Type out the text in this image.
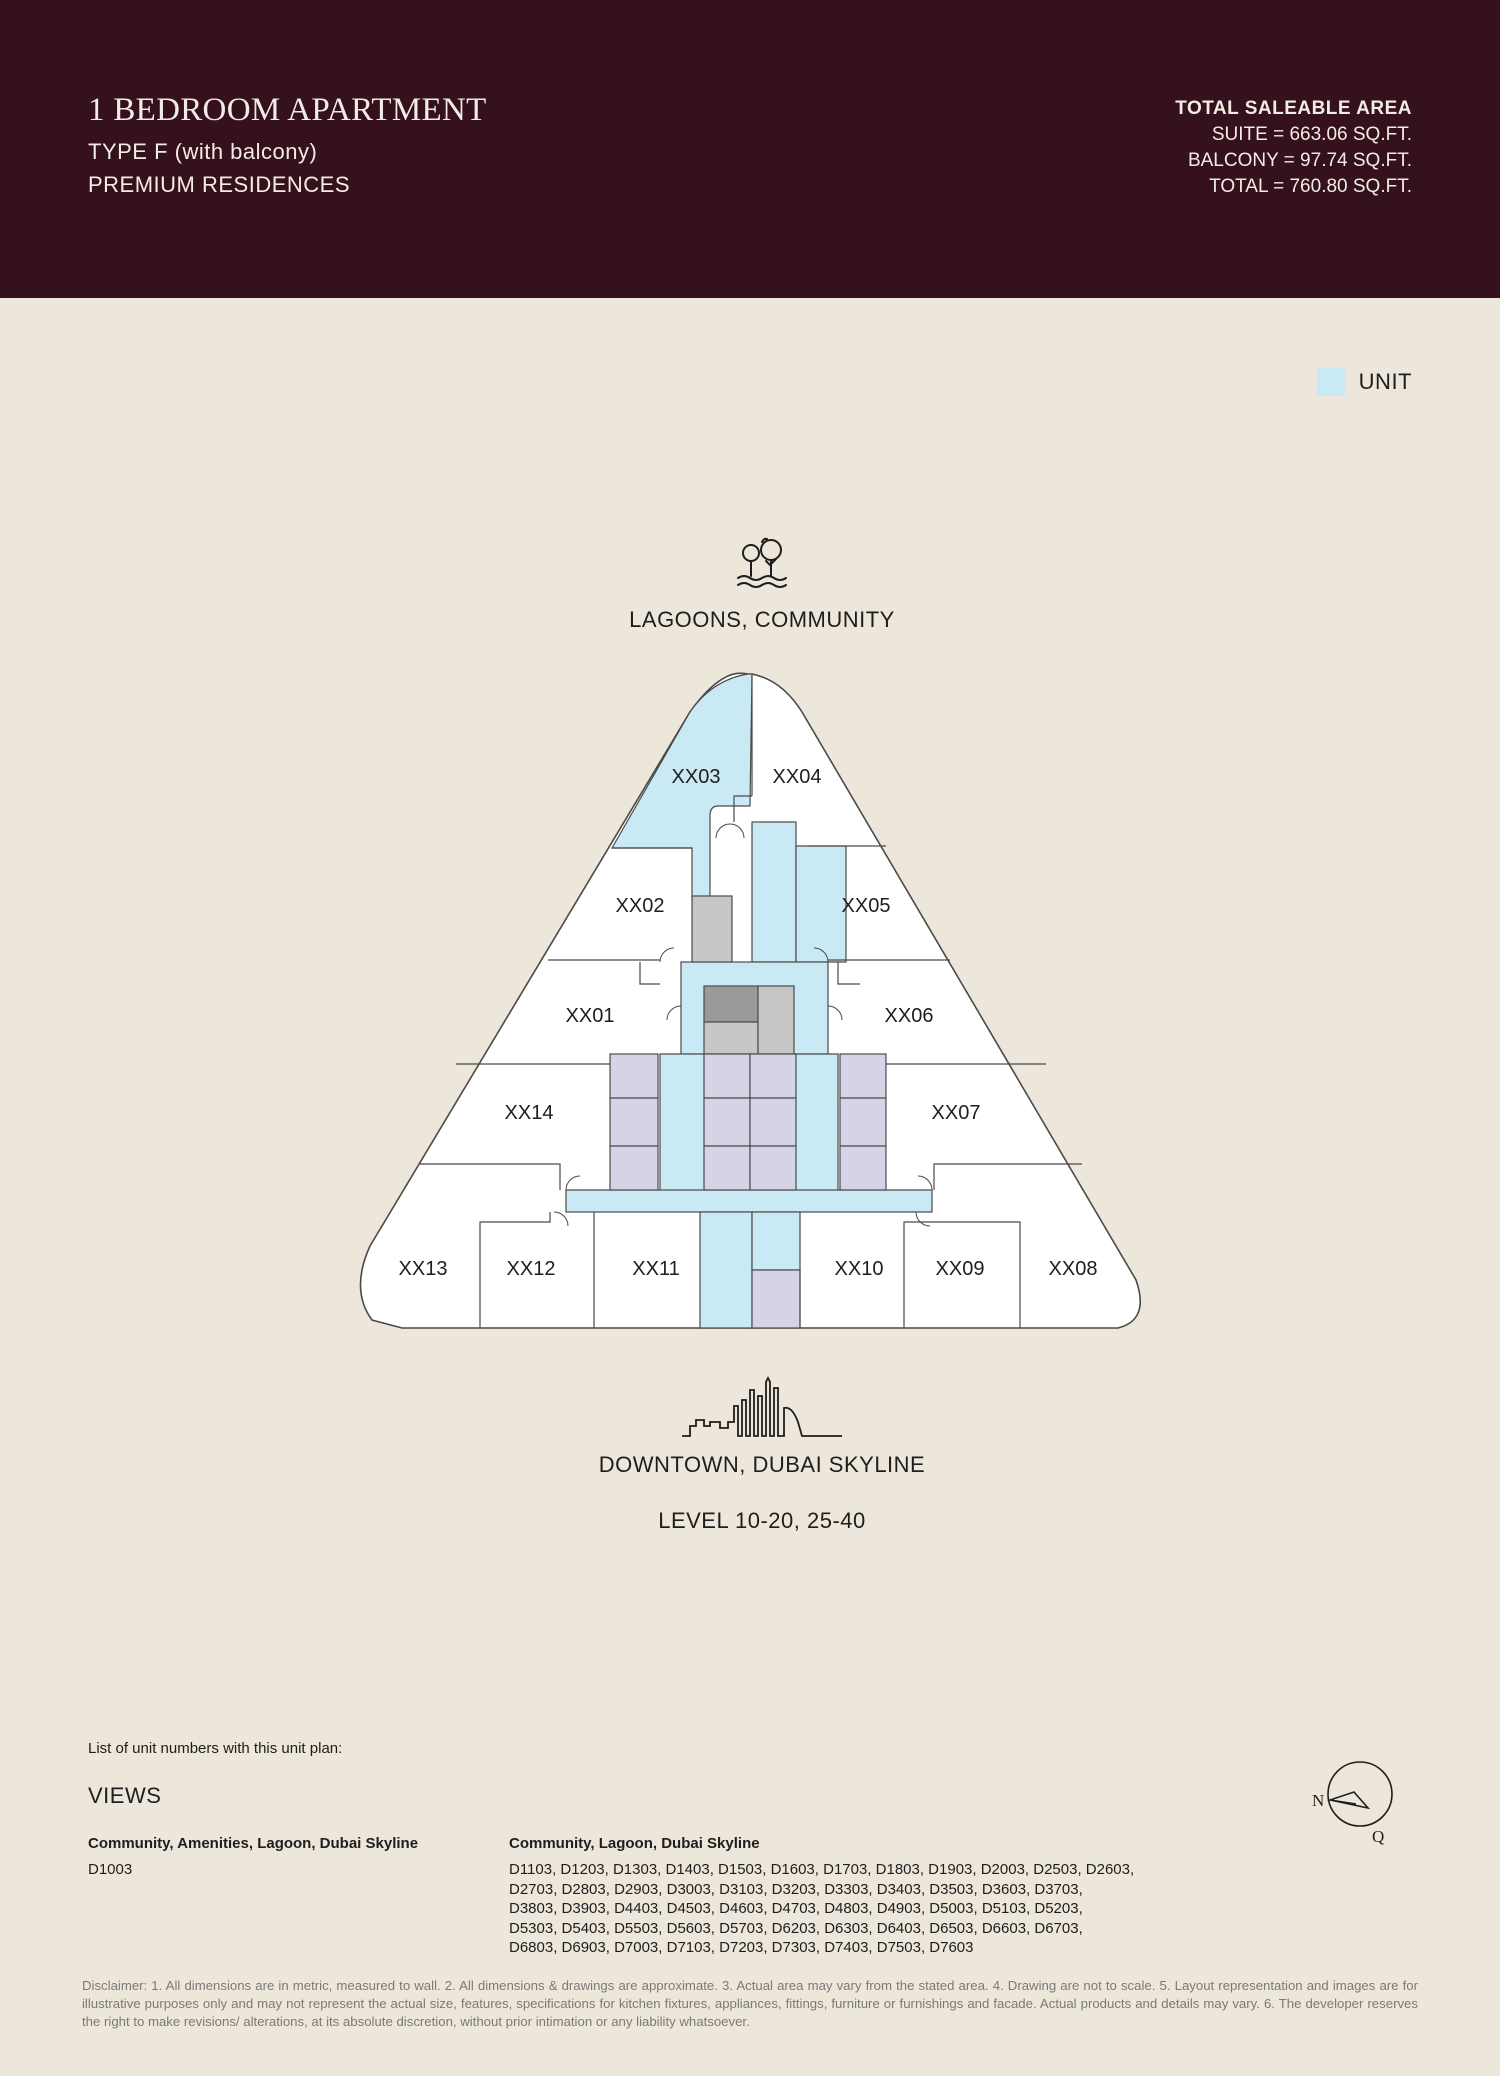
1 BEDROOM APARTMENT
TYPE F (with balcony)
PREMIUM RESIDENCES
TOTAL SALEABLE AREA
SUITE = 663.06 SQ.FT.
BALCONY = 97.74 SQ.FT.
TOTAL = 760.80 SQ.FT.
UNIT
LAGOONS, COMMUNITY
XX03	XX04
XX02	XX05
XX01	XX06
XX14	XX07
XX13	XX12	XX11	XX10	XX09	XX08
DOWNTOWN, DUBAI SKYLINE
LEVEL 10-20, 25-40
List of unit numbers with this unit plan:
VIEWS
Community, Amenities, Lagoon, Dubai Skyline
D1003
Community, Lagoon, Dubai Skyline
D1103, D1203, D1303, D1403, D1503, D1603, D1703, D1803, D1903, D2003, D2503, D2603,
D2703, D2803, D2903, D3003, D3103, D3203, D3303, D3403, D3503, D3603, D3703,
D3803, D3903, D4403, D4503, D4603, D4703, D4803, D4903, D5003, D5103, D5203,
D5303, D5403, D5503, D5603, D5703, D6203, D6303, D6403, D6503, D6603, D6703,
D6803, D6903, D7003, D7103, D7203, D7303, D7403, D7503, D7603
N
Q
Disclaimer: 1. All dimensions are in metric, measured to wall. 2. All dimensions & drawings are approximate. 3. Actual area may vary from the stated area. 4. Drawing are not to scale. 5. Layout representation and images are for illustrative purposes only and may not represent the actual size, features, specifications for kitchen fixtures, appliances, fittings, furniture or furnishings and facade. Actual products and details may vary. 6. The developer reserves the right to make revisions/ alterations, at its absolute discretion, without prior intimation or any liability whatsoever.
